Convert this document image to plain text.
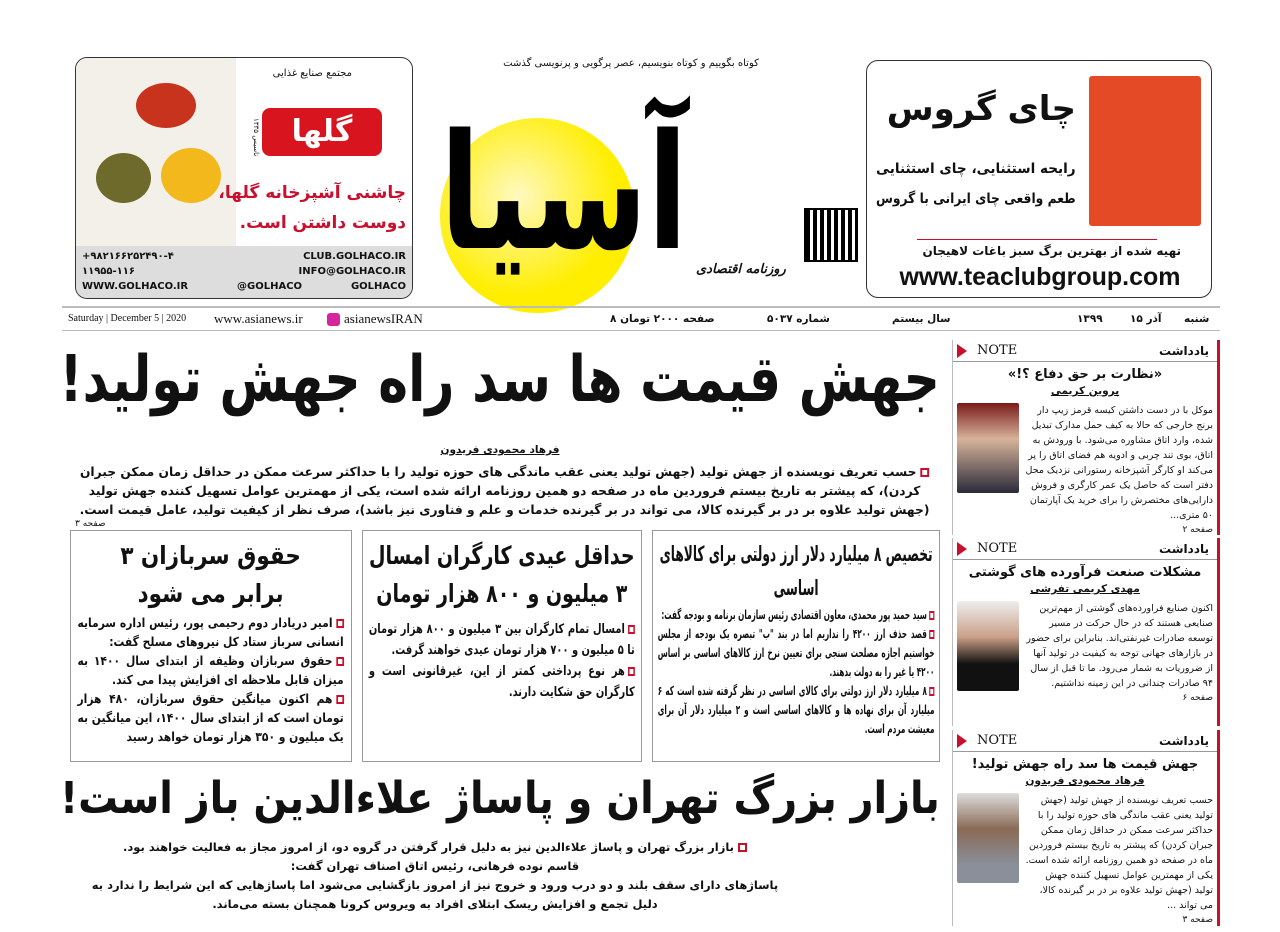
مجتمع صنایع غذایی
گلها
تاسیس ۱۳۳۵
چاشنی آشپزخانه گلها،
دوست داشتن است.
+۹۸۲۱۶۶۲۵۲۴۹۰-۴	CLUB.GOLHACO.IR
۱۱۹۵۵-۱۱۶	INFO@GOLHACO.IR
WWW.GOLHACO.IR	@GOLHACO	GOLHACO
کوتاه بگوییم و کوتاه بنویسیم، عصر پرگویی و پرنویسی گذشت
آسیا روزنامه اقتصادی
چای گروس
رایحه استثنایی، چای استثنایی
طعم واقعی چای ایرانی با گروس
تهیه شده از بهترین برگ سبز باغات لاهیجان
www.teaclubgroup.com
Saturday | December 5 | 2020 www.asianews.ir	asianewsIRAN	۸ صفحه ۲۰۰۰ تومان	شماره ۵۰۳۷	سال بیستم	۱۳۹۹	۱۵ آذر شنبه
جهش قیمت ها سد راه جهش تولید!
فرهاد محمودی فریدون

حسب تعریف نویسنده از جهش تولید (جهش تولید یعنی عقب ماندگی های حوزه تولید را با حداکثر سرعت ممکن در حداقل زمان ممکن جبران کردن)، که پیشتر به تاریخ بیستم فروردین ماه در صفحه دو همین روزنامه ارائه شده است، یکی از مهمترین عوامل تسهیل کننده جهش تولید (جهش تولید علاوه بر در بر گیرنده کالا، می تواند در بر گیرنده خدمات و علم و فناوری نیز باشد)، صرف نظر از کیفیت تولید، عامل قیمت است.

صفحه ۳
تخصیص ۸ میلیارد دلار ارز دولتی برای کالاهای اساسی

سید حمید پور محمدی، معاون اقتصادی رئیس سازمان برنامه و بودجه گفت:

قصد حذف ارز ۴۲۰۰ را نداریم اما در بند "ب" تبصره یک بودجه از مجلس خواستیم اجازه مصلحت سنجی برای تعیین نرخ ارز کالاهای اساسی بر اساس ۴۲۰۰ یا غیر را به دولت بدهند.

۸ میلیارد دلار ارز دولتی برای کالای اساسی در نظر گرفته شده است که ۶ میلیارد آن برای نهاده ها و کالاهای اساسی است و ۲ میلیارد دلار آن برای معیشت مردم است.

حداقل عیدی کارگران امسال ۳ میلیون و ۸۰۰ هزار تومان

امسال تمام کارگران بین ۳ میلیون و ۸۰۰ هزار تومان تا ۵ میلیون و ۷۰۰ هزار تومان عیدی خواهند گرفت.

هر نوع پرداختی کمتر از این، غیرقانونی است و کارگران حق شکایت دارند.

حقوق سربازان ۳ برابر می شود

امیر دریادار دوم رحیمی پور، رئیس اداره سرمایه انسانی سرباز ستاد کل نیروهای مسلح گفت:

حقوق سربازان وظیفه از ابتدای سال ۱۴۰۰ به میزان قابل ملاحظه ای افزایش پیدا می کند.

هم اکنون میانگین حقوق سربازان، ۴۸۰ هزار تومان است که از ابتدای سال ۱۴۰۰، این میانگین به یک میلیون و ۳۵۰ هزار تومان خواهد رسید

بازار بزرگ تهران و پاساژ علاءالدین باز است!
بازار بزرگ تهران و پاساژ علاءالدین نیز به دلیل قرار گرفتن در گروه دو، از امروز مجاز به فعالیت خواهند بود.
قاسم نوده فرهانی، رئیس اتاق اصناف تهران گفت:
پاساژهای دارای سقف بلند و دو درب ورود و خروج نیز از امروز بازگشایی می‌شود اما پاساژهایی که این شرایط را ندارد به دلیل تجمع و افزایش ریسک ابتلای افراد به ویروس کرونا همچنان بسته می‌ماند.
یادداشت
NOTE
«نظارت بر حق دفاع ؟!»
پروین کریمی

موکل با در دست داشتن کیسه قرمز زیپ دار برنج خارجی که حالا به کیف حمل مدارک تبدیل شده، وارد اتاق مشاوره می‌شود. با ورودش به اتاق، بوی تند چربی و ادویه هم فضای اتاق را پر می‌کند او کارگر آشپزخانه رستورانی نزدیک محل دفتر است که حاصل یک عمر کارگری و فروش دارایی‌های مختصرش را برای خرید یک آپارتمان ۵۰ متری...

صفحه ۲
یادداشت
NOTE
مشکلات صنعت فرآورده های گوشتی
مهدی کریمی تفرشی

اکنون صنایع فراورده‌های گوشتی از مهم‌ترین صنایعی هستند که در حال حرکت در مسیر توسعه صادرات غیرنفتی‌اند. بنابراین برای حضور در بازارهای جهانی توجه به کیفیت در تولید آنها از ضروریات به شمار می‌رود. ما تا قبل از سال ۹۴ صادرات چندانی در این زمینه نداشتیم.

صفحه ۶
یادداشت
NOTE
جهش قیمت ها سد راه جهش تولید!
فرهاد محمودی فریدون

حسب تعریف نویسنده از جهش تولید (جهش تولید یعنی عقب ماندگی های حوزه تولید را با حداکثر سرعت ممکن در حداقل زمان ممکن جبران کردن) که پیشتر به تاریخ بیستم فروردین ماه در صفحه دو همین روزنامه ارائه شده است. یکی از مهمترین عوامل تسهیل کننده جهش تولید (جهش تولید علاوه بر در بر گیرنده کالا، می تواند ...

صفحه ۳
